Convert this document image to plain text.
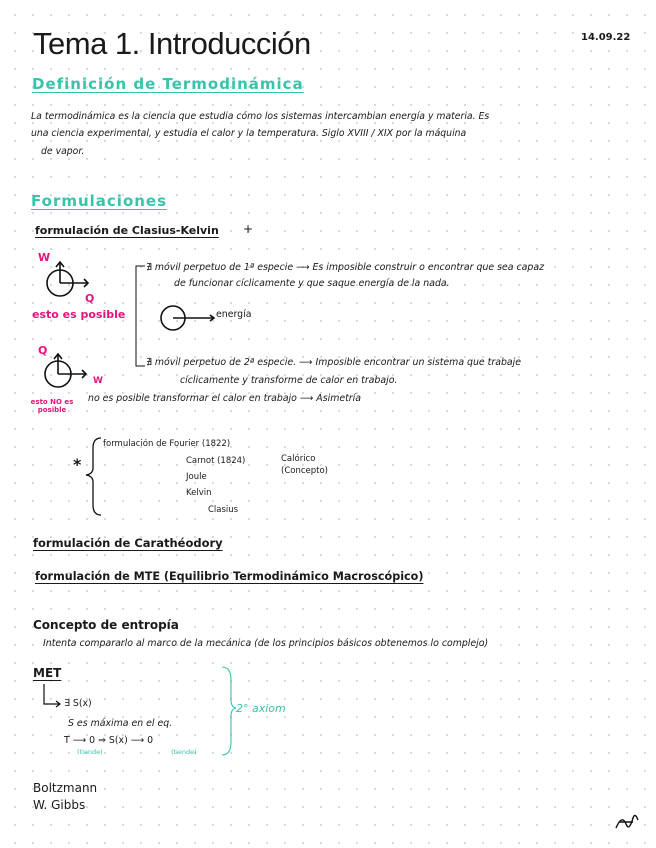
Tema 1. Introducción	14.09.22
Definición de Termodinámica
La termodinámica es la ciencia que estudia cómo los sistemas intercambian energía y materia. Es
una ciencia experimental, y estudia el calor y la temperatura. Siglo XVIII / XIX por la máquina
de vapor.
Formulaciones
formulación de Clasius-Kelvin +
W
Q
esto es posible
∄ móvil perpetuo de 1ª especie ⟶ Es imposible construir o encontrar que sea capaz
de funcionar cíclicamente y que saque energía de la nada.
energía
Q
W
esto NO es posible
∄ móvil perpetuo de 2ª especie. ⟶ Imposible encontrar un sistema que trabaje
cíclicamente y transforme de calor en trabajo.
no es posible transformar el calor en trabajo ⟶ Asimetría
*
formulación de Fourier (1822)
Carnot (1824)	Calórico
(Concepto)
Joule
Kelvin
Clasius
formulación de Carathéodory
formulación de MTE (Equilibrio Termodinámico Macroscópico)
Concepto de entropía
Intenta compararlo al marco de la mecánica (de los principios básicos obtenemos lo complejo)
MET
∃ S(x)
S es máxima en el eq.
T ⟶ 0 ⇒ S(x) ⟶ 0
(tiende)	(tiende)
2° axiom
Boltzmann
W. Gibbs
